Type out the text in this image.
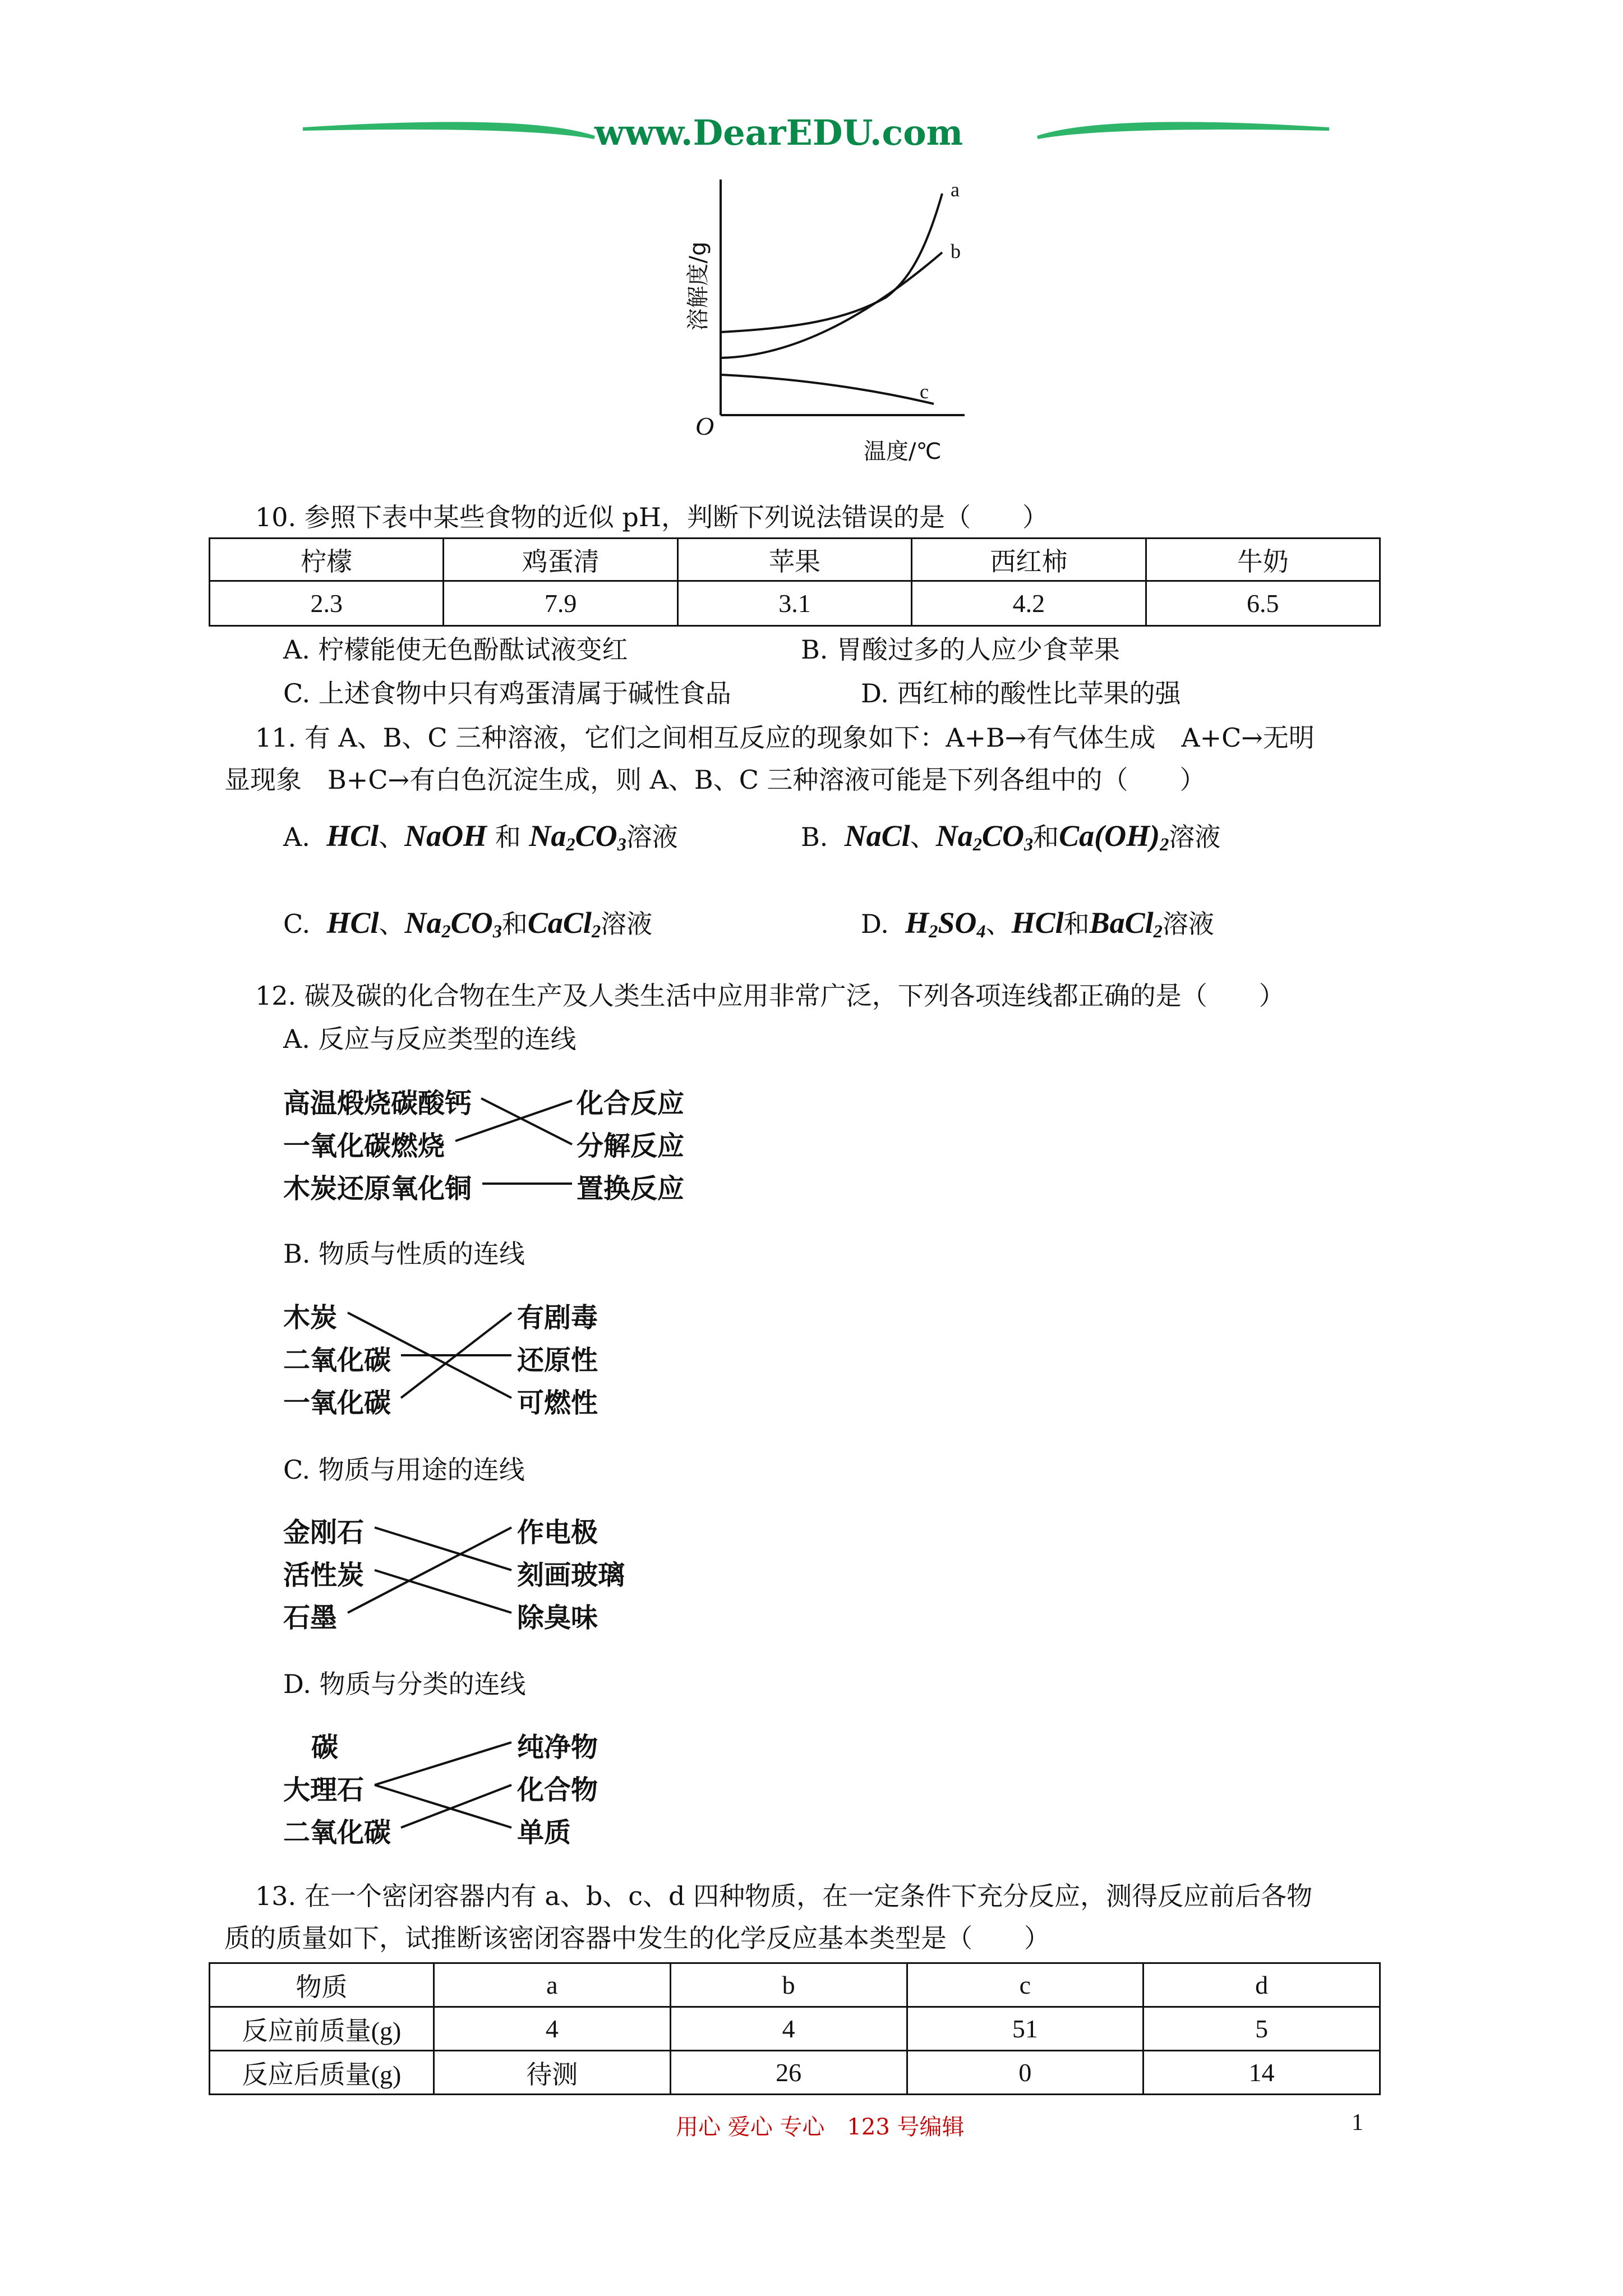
www.DearEDU.com
a
b
c
O
温度/℃
溶解度/g
10. 参照下表中某些食物的近似 pH，判断下列说法错误的是（　　）
柠檬	鸡蛋清	苹果	西红柿	牛奶
2.3	7.9	3.1	4.2	6.5
A. 柠檬能使无色酚酞试液变红	B. 胃酸过多的人应少食苹果
C. 上述食物中只有鸡蛋清属于碱性食品	D. 西红柿的酸性比苹果的强
11. 有 A、B、C 三种溶液，它们之间相互反应的现象如下：A+B→有气体生成　A+C→无明
显现象　B+C→有白色沉淀生成，则 A、B、C 三种溶液可能是下列各组中的（　　）
A. HCl、NaOH 和 $Na_2CO_3$溶液	B. NaCl、$Na_2CO_3$和$Ca(OH)_2$溶液
C. HCl、$Na_2CO_3$和CaCl$_2$溶液	D. $H_2SO_4$、HCl和BaCl$_2$溶液
12. 碳及碳的化合物在生产及人类生活中应用非常广泛，下列各项连线都正确的是（　　）
A. 反应与反应类型的连线
高温煅烧碳酸钙
一氧化碳燃烧
木炭还原氧化铜
化合反应
分解反应
置换反应
B. 物质与性质的连线
木炭
二氧化碳
一氧化碳
有剧毒
还原性
可燃性
C. 物质与用途的连线
金刚石
活性炭
石墨
作电极
刻画玻璃
除臭味
D. 物质与分类的连线
碳
大理石
二氧化碳
纯净物
化合物
单质
13. 在一个密闭容器内有 a、b、c、d 四种物质，在一定条件下充分反应，测得反应前后各物
质的质量如下，试推断该密闭容器中发生的化学反应基本类型是（　　）
物质	a	b	c	d
反应前质量(g)	4	4	51	5
反应后质量(g)	待测	26	0	14
用心 爱心 专心　123 号编辑	1
